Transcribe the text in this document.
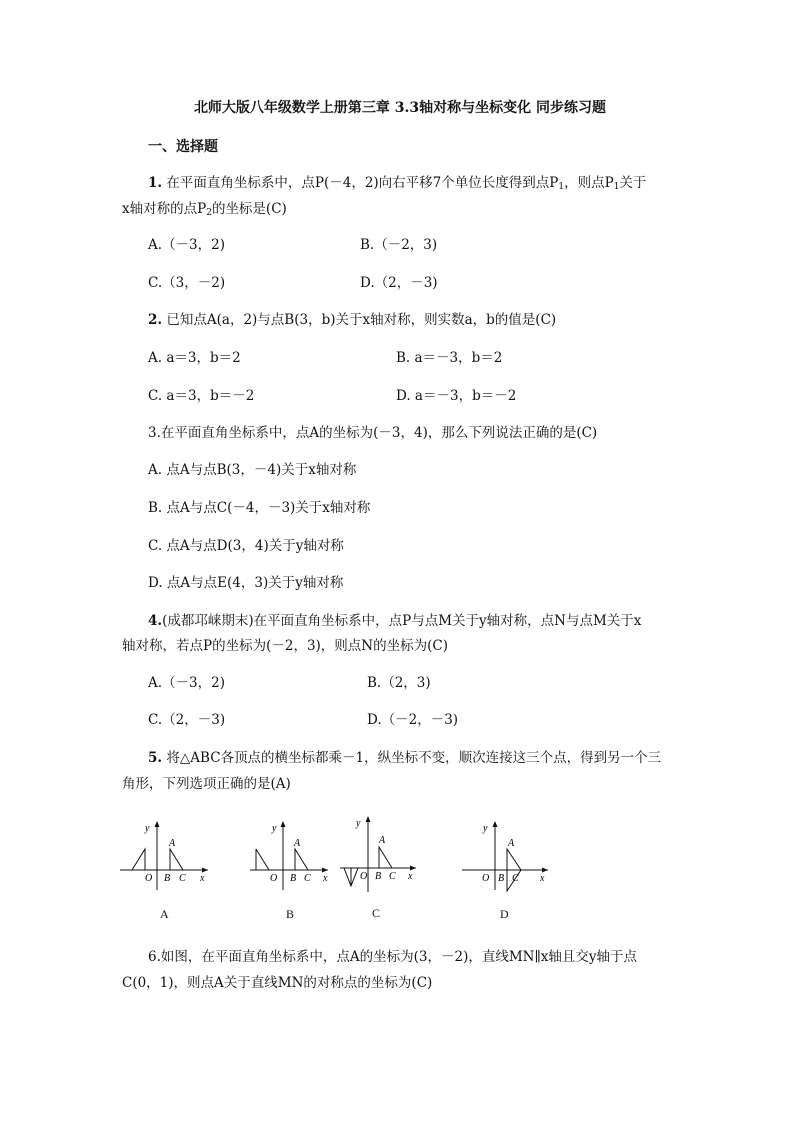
北师大版八年级数学上册第三章 3.3轴对称与坐标变化 同步练习题
一、选择题
1. 在平面直角坐标系中，点P(－4，2)向右平移7个单位长度得到点$P_1$，则点$P_1$关于
x轴对称的点$P_2$的坐标是(C)
A.（－3，2)	B.（－2，3)
C.（3，－2)	D.（2，－3)
2. 已知点A(a，2)与点B(3，b)关于x轴对称，则实数a，b的值是(C)
A. a＝3，b＝2	B. a＝－3，b＝2
C. a＝3，b＝－2	D. a＝－3，b＝－2
3.在平面直角坐标系中，点A的坐标为(－3，4)，那么下列说法正确的是(C)
A. 点A与点B(3，－4)关于x轴对称
B. 点A与点C(－4，－3)关于x轴对称
C. 点A与点D(3，4)关于y轴对称
D. 点A与点E(4，3)关于y轴对称
4.(成都邛崃期末)在平面直角坐标系中，点P与点M关于y轴对称，点N与点M关于x
轴对称，若点P的坐标为(－2，3)，则点N的坐标为(C)
A.（－3，2)	B.（2，3)
C.（2，－3)	D.（－2，－3)
5. 将△ABC各顶点的横坐标都乘－1，纵坐标不变，顺次连接这三个点，得到另一个三
角形，下列选项正确的是(A)
y
A
O B C x
A
y
A
O B C x
B
y
A
O B C x
C
y
A
O B C x
D
6.如图，在平面直角坐标系中，点A的坐标为(3，－2)，直线MN∥x轴且交y轴于点
C(0，1)，则点A关于直线MN的对称点的坐标为(C)
